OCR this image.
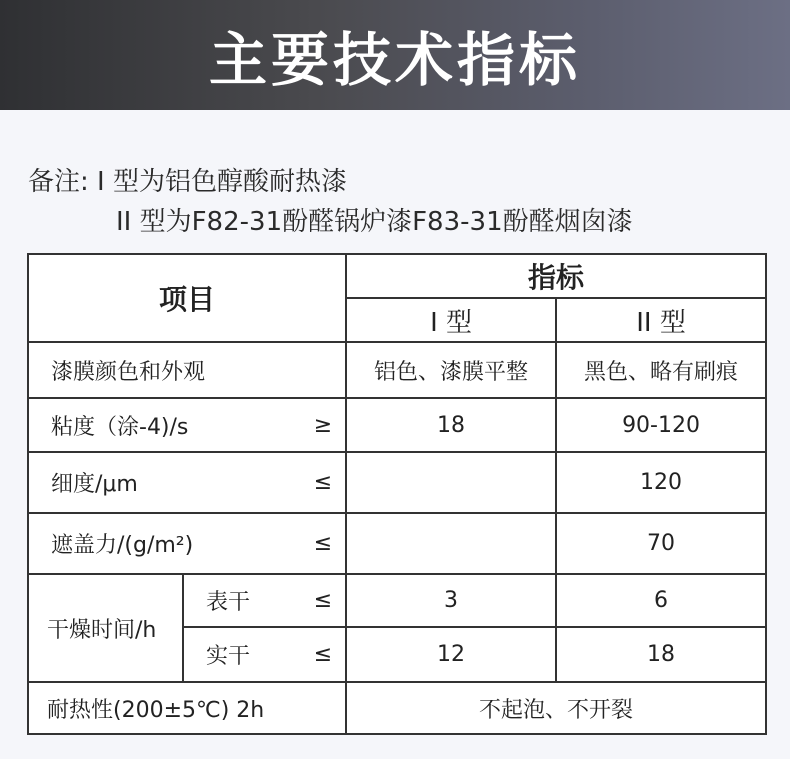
主要技术指标
备注: I 型为铝色醇酸耐热漆
II 型为F82-31酚醛锅炉漆F83-31酚醛烟囱漆
项目			指标	
			I 型	II 型
漆膜颜色和外观			铝色、漆膜平整	黑色、略有刷痕
粘度（涂-4)/s		≥	18	90-120
细度/μm		≤		120
遮盖力/(g/m²)		≤		70
干燥时间/h	表干	≤	3	6
	实干	≤	12	18
耐热性(200±5℃) 2h			不起泡、不开裂	
